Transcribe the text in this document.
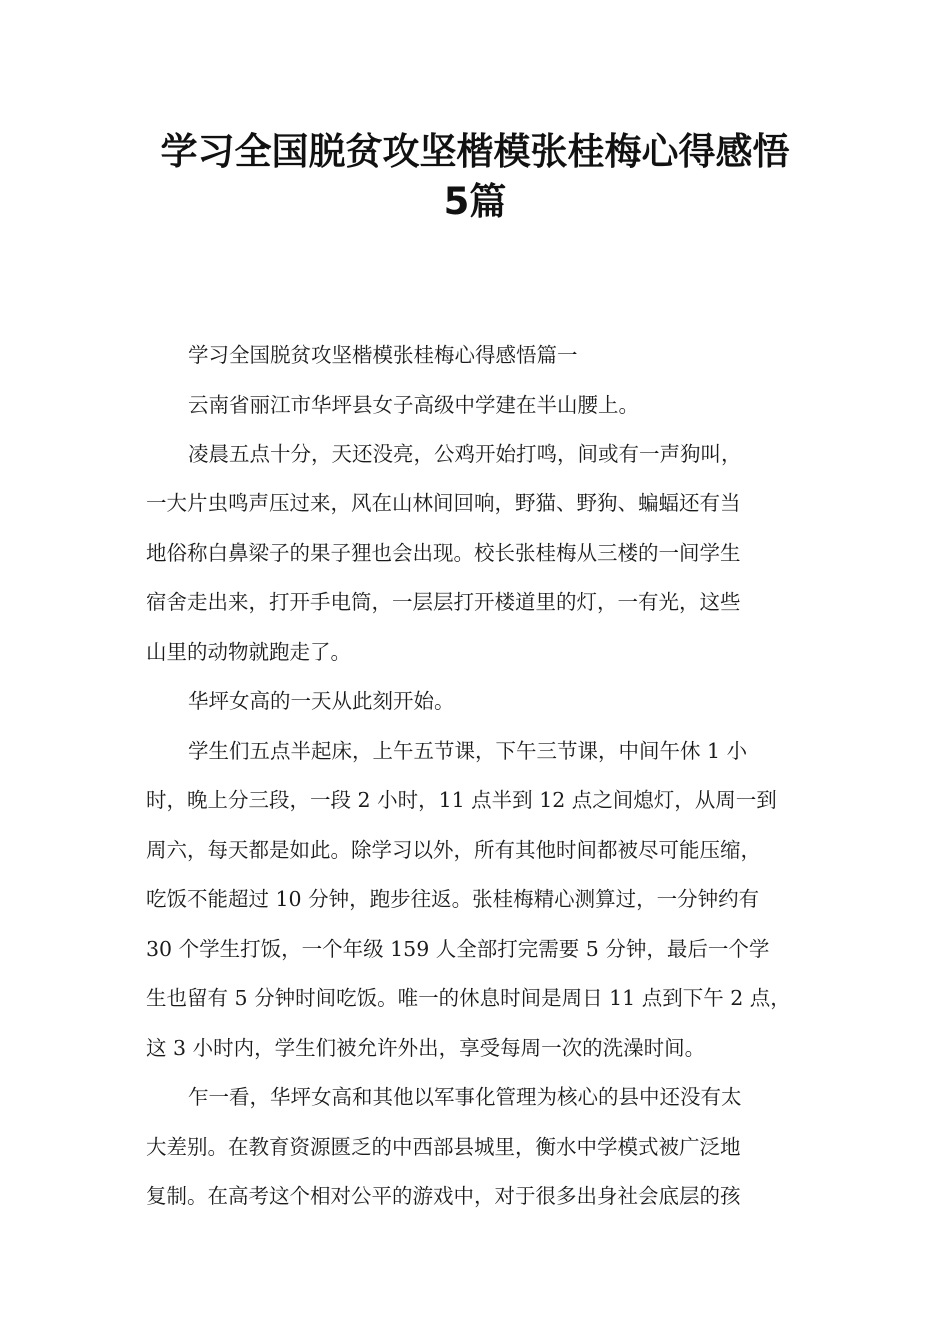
学习全国脱贫攻坚楷模张桂梅心得感悟
5篇

学习全国脱贫攻坚楷模张桂梅心得感悟篇一

云南省丽江市华坪县女子高级中学建在半山腰上。

凌晨五点十分，天还没亮，公鸡开始打鸣，间或有一声狗叫，

一大片虫鸣声压过来，风在山林间回响，野猫、野狗、蝙蝠还有当

地俗称白鼻梁子的果子狸也会出现。校长张桂梅从三楼的一间学生

宿舍走出来，打开手电筒，一层层打开楼道里的灯，一有光，这些

山里的动物就跑走了。

华坪女高的一天从此刻开始。

学生们五点半起床，上午五节课，下午三节课，中间午休 1 小

时，晚上分三段，一段 2 小时，11 点半到 12 点之间熄灯，从周一到

周六，每天都是如此。除学习以外，所有其他时间都被尽可能压缩，

吃饭不能超过 10 分钟，跑步往返。张桂梅精心测算过，一分钟约有

30 个学生打饭，一个年级 159 人全部打完需要 5 分钟，最后一个学

生也留有 5 分钟时间吃饭。唯一的休息时间是周日 11 点到下午 2 点，

这 3 小时内，学生们被允许外出，享受每周一次的洗澡时间。

乍一看，华坪女高和其他以军事化管理为核心的县中还没有太

大差别。在教育资源匮乏的中西部县城里，衡水中学模式被广泛地

复制。在高考这个相对公平的游戏中，对于很多出身社会底层的孩
